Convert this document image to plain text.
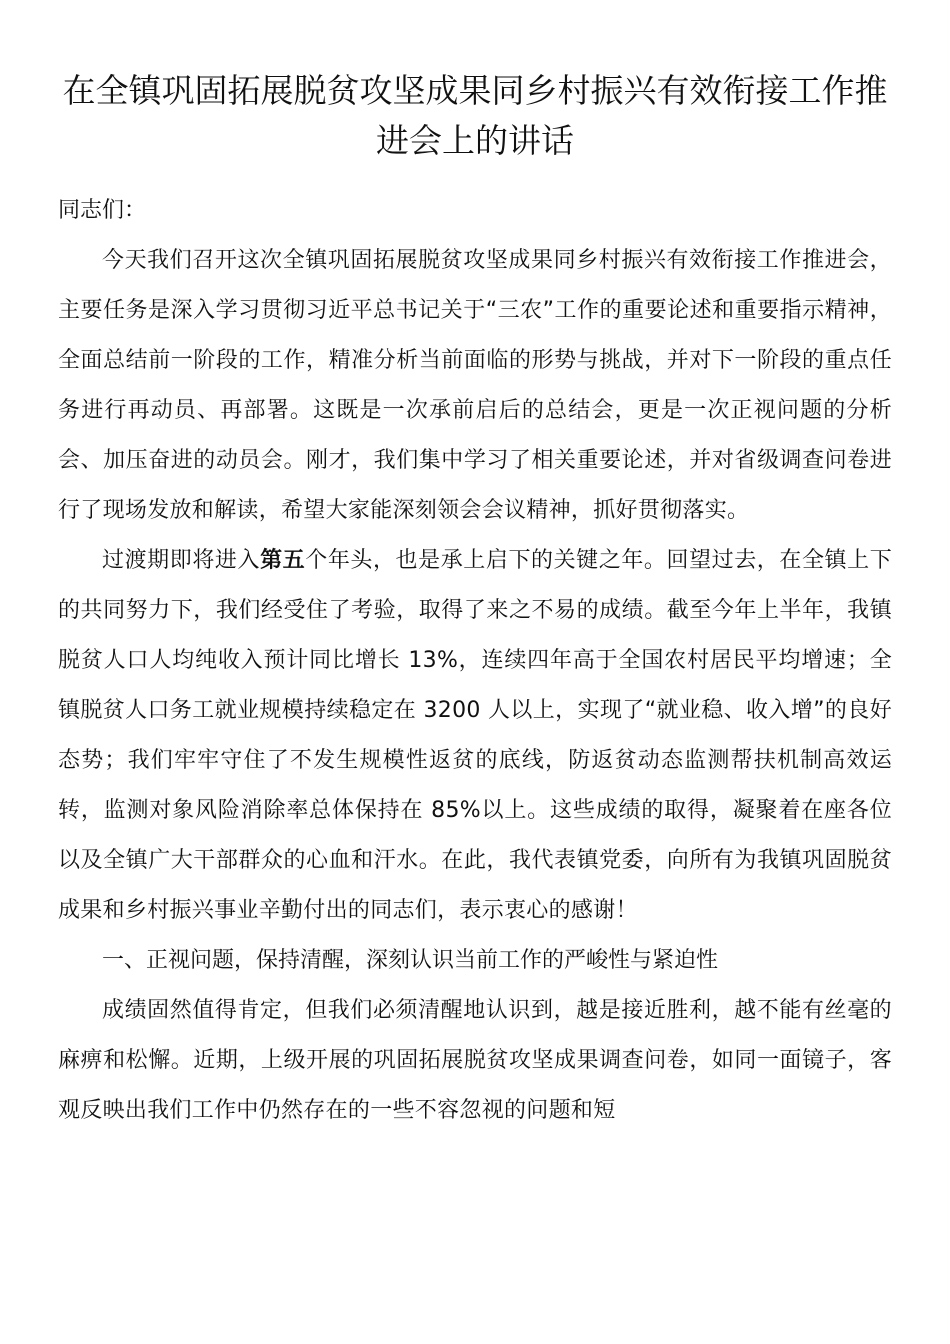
在全镇巩固拓展脱贫攻坚成果同乡村振兴有效衔接工作推进会上的讲话

同志们：

今天我们召开这次全镇巩固拓展脱贫攻坚成果同乡村振兴有效衔接工作推进会，主要任务是深入学习贯彻习近平总书记关于“三农”工作的重要论述和重要指示精神，全面总结前一阶段的工作，精准分析当前面临的形势与挑战，并对下一阶段的重点任务进行再动员、再部署。这既是一次承前启后的总结会，更是一次正视问题的分析会、加压奋进的动员会。刚才，我们集中学习了相关重要论述，并对省级调查问卷进行了现场发放和解读，希望大家能深刻领会会议精神，抓好贯彻落实。

过渡期即将进入第五个年头，也是承上启下的关键之年。回望过去，在全镇上下的共同努力下，我们经受住了考验，取得了来之不易的成绩。截至今年上半年，我镇脱贫人口人均纯收入预计同比增长 13%，连续四年高于全国农村居民平均增速；全镇脱贫人口务工就业规模持续稳定在 3200 人以上，实现了“就业稳、收入增”的良好态势；我们牢牢守住了不发生规模性返贫的底线，防返贫动态监测帮扶机制高效运转，监测对象风险消除率总体保持在 85%以上。这些成绩的取得，凝聚着在座各位以及全镇广大干部群众的心血和汗水。在此，我代表镇党委，向所有为我镇巩固脱贫成果和乡村振兴事业辛勤付出的同志们，表示衷心的感谢！

一、正视问题，保持清醒，深刻认识当前工作的严峻性与紧迫性

成绩固然值得肯定，但我们必须清醒地认识到，越是接近胜利，越不能有丝毫的麻痹和松懈。近期，上级开展的巩固拓展脱贫攻坚成果调查问卷，如同一面镜子，客观反映出我们工作中仍然存在的一些不容忽视的问题和短
